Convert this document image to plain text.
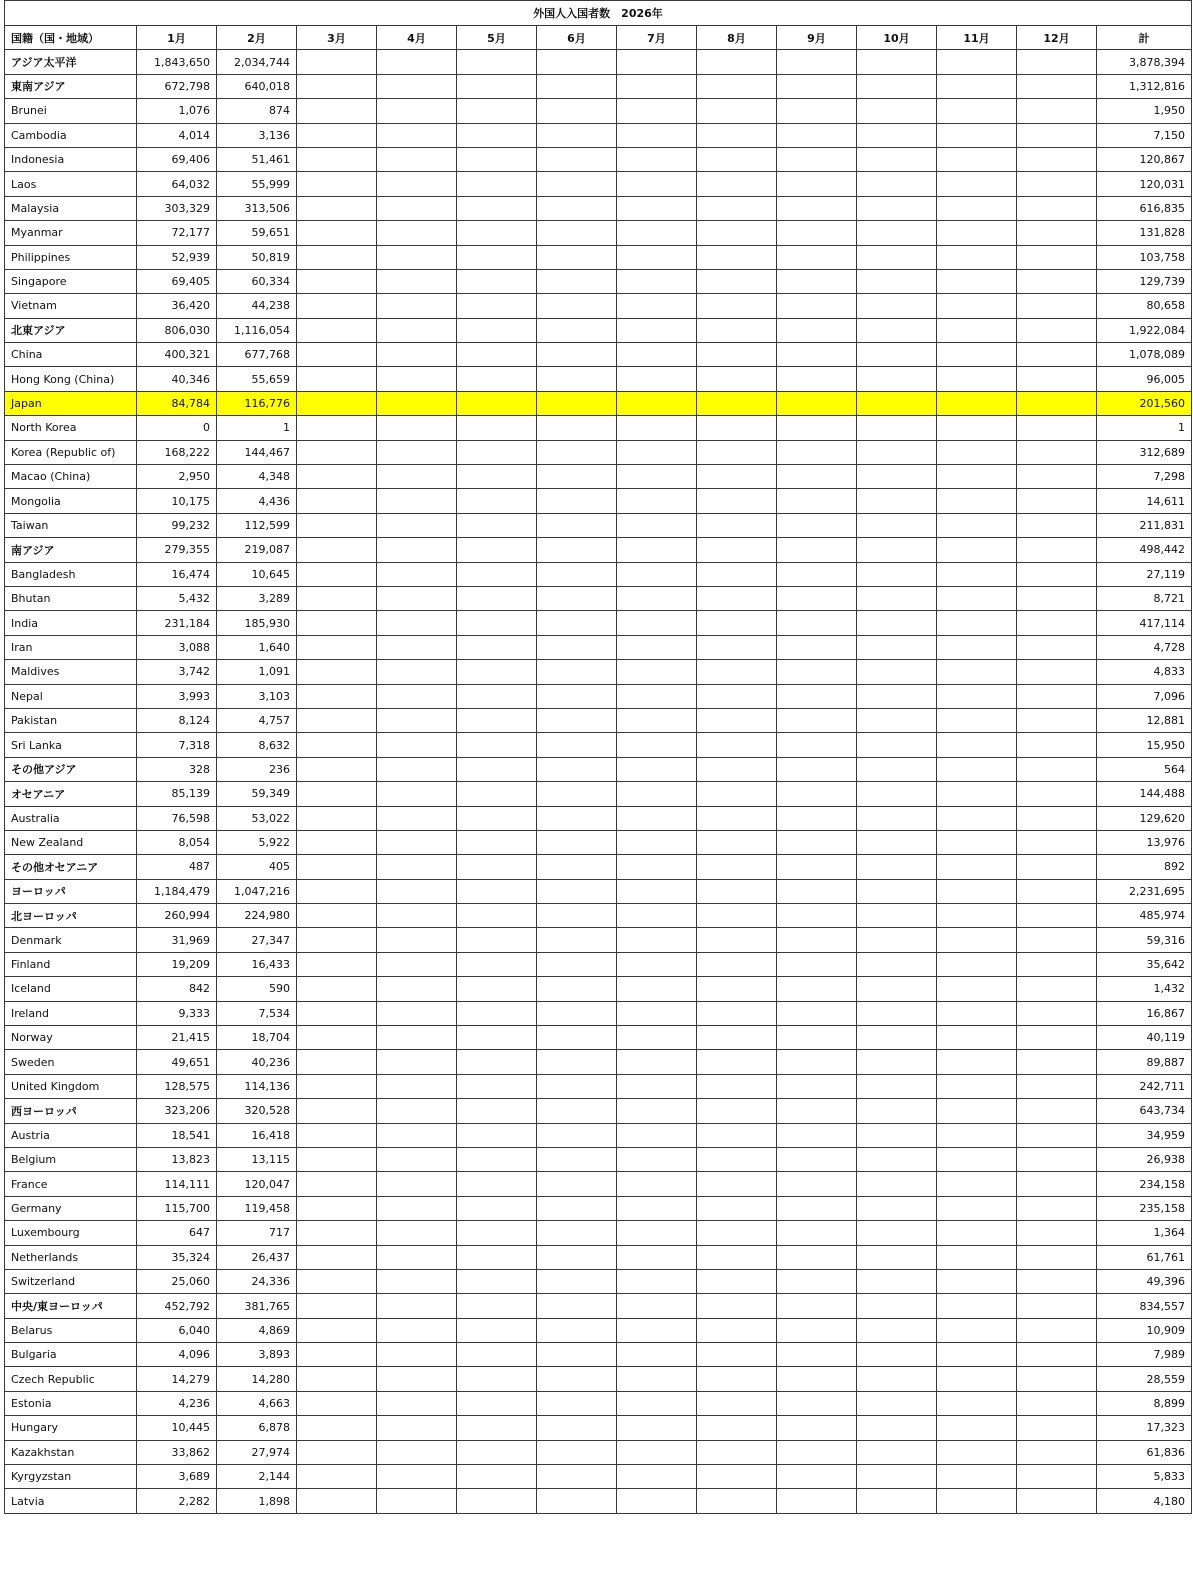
外国人入国者数　2026年													
国籍（国・地域）	1月	2月	3月	4月	5月	6月	7月	8月	9月	10月	11月	12月	計
アジア太平洋	1,843,650	2,034,744											3,878,394
東南アジア	672,798	640,018											1,312,816
Brunei	1,076	874											1,950
Cambodia	4,014	3,136											7,150
Indonesia	69,406	51,461											120,867
Laos	64,032	55,999											120,031
Malaysia	303,329	313,506											616,835
Myanmar	72,177	59,651											131,828
Philippines	52,939	50,819											103,758
Singapore	69,405	60,334											129,739
Vietnam	36,420	44,238											80,658
北東アジア	806,030	1,116,054											1,922,084
China	400,321	677,768											1,078,089
Hong Kong (China)	40,346	55,659											96,005
Japan	84,784	116,776											201,560
North Korea	0	1											1
Korea (Republic of)	168,222	144,467											312,689
Macao (China)	2,950	4,348											7,298
Mongolia	10,175	4,436											14,611
Taiwan	99,232	112,599											211,831
南アジア	279,355	219,087											498,442
Bangladesh	16,474	10,645											27,119
Bhutan	5,432	3,289											8,721
India	231,184	185,930											417,114
Iran	3,088	1,640											4,728
Maldives	3,742	1,091											4,833
Nepal	3,993	3,103											7,096
Pakistan	8,124	4,757											12,881
Sri Lanka	7,318	8,632											15,950
その他アジア	328	236											564
オセアニア	85,139	59,349											144,488
Australia	76,598	53,022											129,620
New Zealand	8,054	5,922											13,976
その他オセアニア	487	405											892
ヨーロッパ	1,184,479	1,047,216											2,231,695
北ヨーロッパ	260,994	224,980											485,974
Denmark	31,969	27,347											59,316
Finland	19,209	16,433											35,642
Iceland	842	590											1,432
Ireland	9,333	7,534											16,867
Norway	21,415	18,704											40,119
Sweden	49,651	40,236											89,887
United Kingdom	128,575	114,136											242,711
西ヨーロッパ	323,206	320,528											643,734
Austria	18,541	16,418											34,959
Belgium	13,823	13,115											26,938
France	114,111	120,047											234,158
Germany	115,700	119,458											235,158
Luxembourg	647	717											1,364
Netherlands	35,324	26,437											61,761
Switzerland	25,060	24,336											49,396
中央/東ヨーロッパ	452,792	381,765											834,557
Belarus	6,040	4,869											10,909
Bulgaria	4,096	3,893											7,989
Czech Republic	14,279	14,280											28,559
Estonia	4,236	4,663											8,899
Hungary	10,445	6,878											17,323
Kazakhstan	33,862	27,974											61,836
Kyrgyzstan	3,689	2,144											5,833
Latvia	2,282	1,898											4,180
